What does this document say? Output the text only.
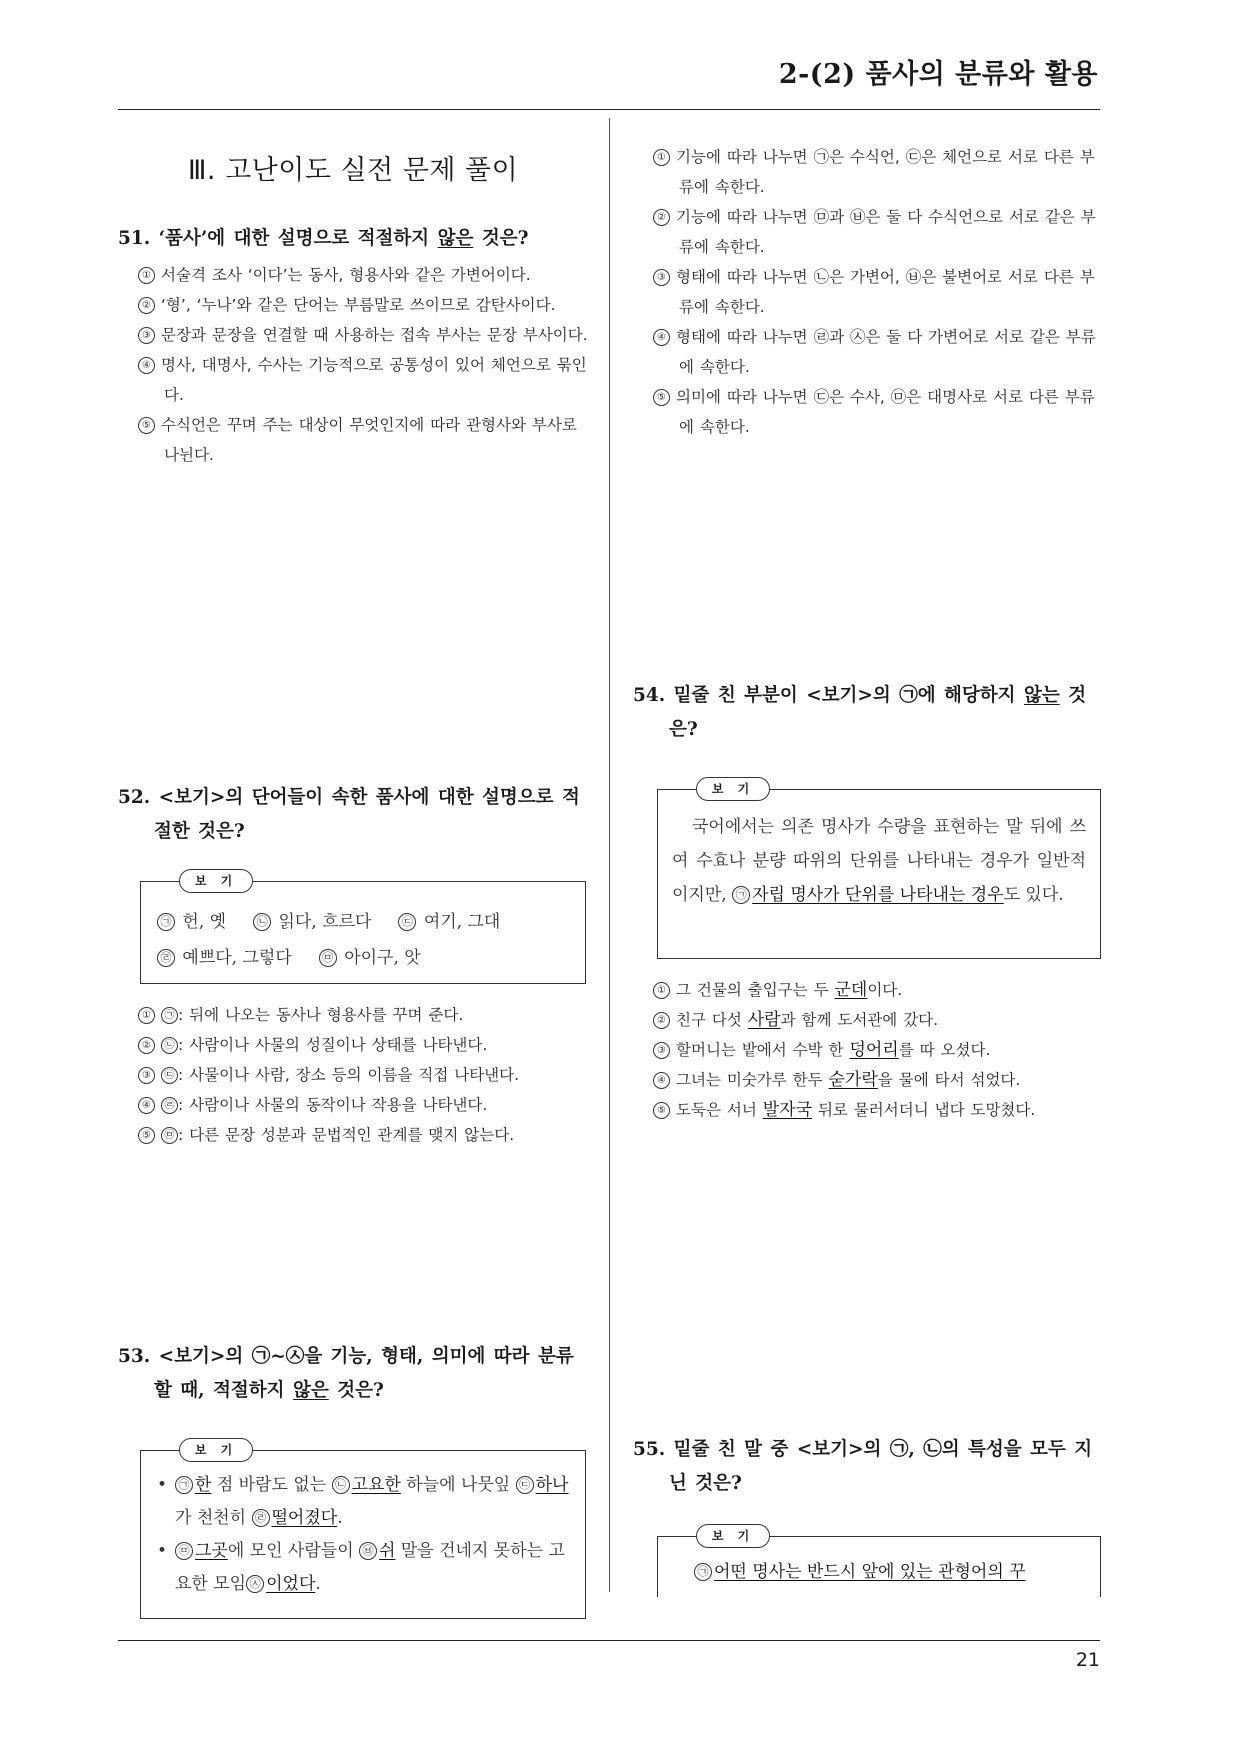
2-(2) 품사의 분류와 활용
21
Ⅲ. 고난이도 실전 문제 풀이
51. ‘품사’에 대한 설명으로 적절하지 않은 것은?
① 서술격 조사 ‘이다’는 동사, 형용사와 같은 가변어이다.
② ‘형’, ‘누나’와 같은 단어는 부름말로 쓰이므로 감탄사이다.
③ 문장과 문장을 연결할 때 사용하는 접속 부사는 문장 부사이다.
④ 명사, 대명사, 수사는 기능적으로 공통성이 있어 체언으로 묶인다.
⑤ 수식언은 꾸며 주는 대상이 무엇인지에 따라 관형사와 부사로 나뉜다.
52. <보기>의 단어들이 속한 품사에 대한 설명으로 적절한 것은?
보 기
㉠ 헌, 옛	㉡ 읽다, 흐르다	㉢ 여기, 그대
㉣ 예쁘다, 그렇다	㉤ 아이구, 앗
① ㉠ : 뒤에 나오는 동사나 형용사를 꾸며 준다.
② ㉡ : 사람이나 사물의 성질이나 상태를 나타낸다.
③ ㉢ : 사물이나 사람, 장소 등의 이름을 직접 나타낸다.
④ ㉣ : 사람이나 사물의 동작이나 작용을 나타낸다.
⑤ ㉤ : 다른 문장 성분과 문법적인 관계를 맺지 않는다.
53. <보기>의 ㉠~㉦을 기능, 형태, 의미에 따라 분류할 때, 적절하지 않은 것은?
보 기
• ㉠ 한 점 바람도 없는 ㉡ 고요한 하늘에 나뭇잎 ㉢ 하나가 천천히 ㉣ 떨어졌다.
• ㉤ 그곳에 모인 사람들이 ㉥ 쉬 말을 건네지 못하는 고요한 모임 ㉦ 이었다.
① 기능에 따라 나누면 ㉠은 수식언, ㉢은 체언으로 서로 다른 부류에 속한다.
② 기능에 따라 나누면 ㉤과 ㉥은 둘 다 수식언으로 서로 같은 부류에 속한다.
③ 형태에 따라 나누면 ㉡은 가변어, ㉥은 불변어로 서로 다른 부류에 속한다.
④ 형태에 따라 나누면 ㉣과 ㉦은 둘 다 가변어로 서로 같은 부류에 속한다.
⑤ 의미에 따라 나누면 ㉢은 수사, ㉤은 대명사로 서로 다른 부류에 속한다.
54. 밑줄 친 부분이 <보기>의 ㉠에 해당하지 않는 것은?
보 기
국어에서는 의존 명사가 수량을 표현하는 말 뒤에 쓰여 수효나 분량 따위의 단위를 나타내는 경우가 일반적이지만, ㉠ 자립 명사가 단위를 나타내는 경우도 있다.
① 그 건물의 출입구는 두 군데이다.
② 친구 다섯 사람과 함께 도서관에 갔다.
③ 할머니는 밭에서 수박 한 덩어리를 따 오셨다.
④ 그녀는 미숫가루 한두 숟가락을 물에 타서 섞었다.
⑤ 도둑은 서너 발자국 뒤로 물러서더니 냅다 도망쳤다.
55. 밑줄 친 말 중 <보기>의 ㉠, ㉡의 특성을 모두 지닌 것은?
보 기
㉠ 어떤 명사는 반드시 앞에 있는 관형어의 꾸
